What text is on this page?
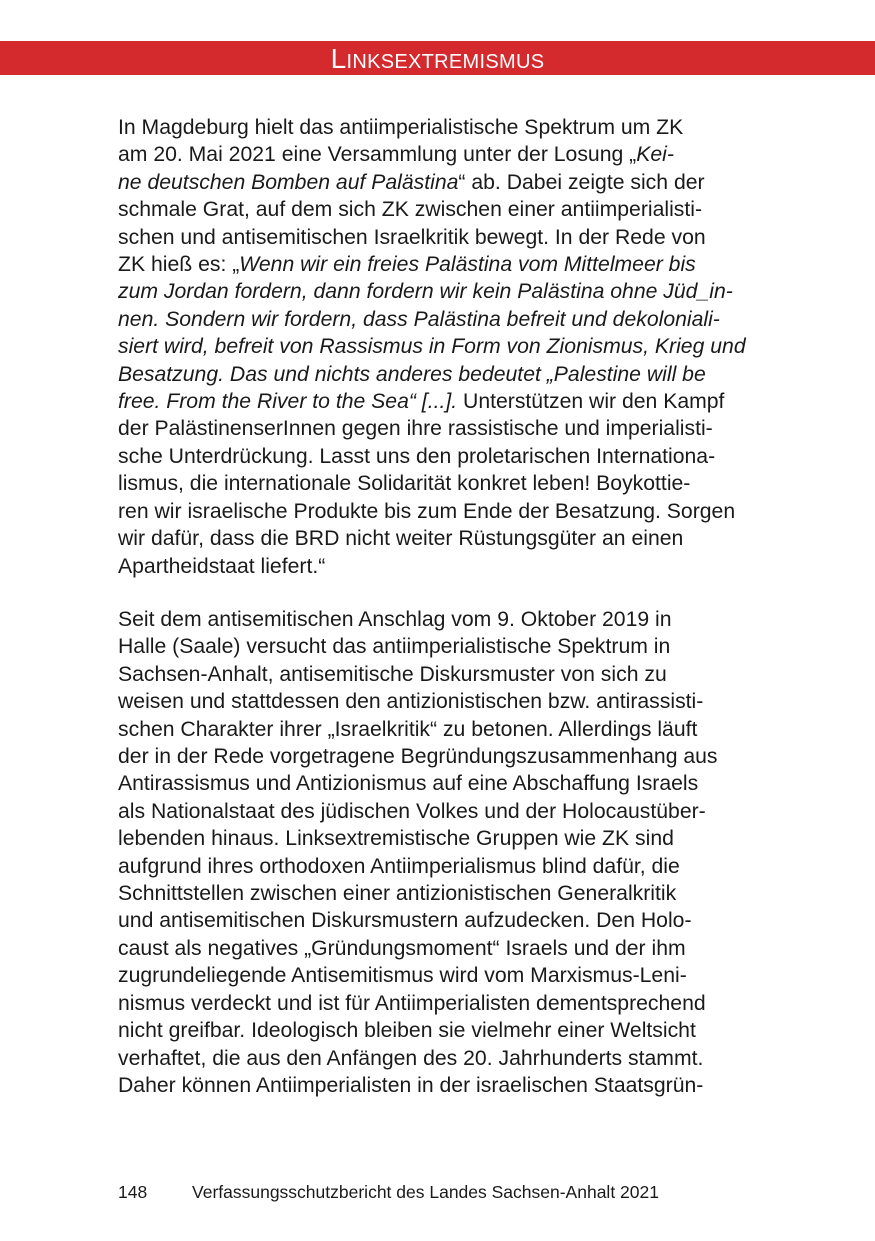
Linksextremismus
In Magdeburg hielt das antiimperialistische Spektrum um ZK
am 20. Mai 2021 eine Versammlung unter der Losung „Kei-
ne deutschen Bomben auf Palästina“ ab. Dabei zeigte sich der
schmale Grat, auf dem sich ZK zwischen einer antiimperialisti-
schen und antisemitischen Israelkritik bewegt. In der Rede von
ZK hieß es: „Wenn wir ein freies Palästina vom Mittelmeer bis
zum Jordan fordern, dann fordern wir kein Palästina ohne Jüd_in-
nen. Sondern wir fordern, dass Palästina befreit und dekoloniali-
siert wird, befreit von Rassismus in Form von Zionismus, Krieg und
Besatzung. Das und nichts anderes bedeutet „Palestine will be
free. From the River to the Sea“ [...]. Unterstützen wir den Kampf
der PalästinenserInnen gegen ihre rassistische und imperialisti-
sche Unterdrückung. Lasst uns den proletarischen Internationa-
lismus, die internationale Solidarität konkret leben! Boykottie-
ren wir israelische Produkte bis zum Ende der Besatzung. Sorgen
wir dafür, dass die BRD nicht weiter Rüstungsgüter an einen
Apartheidstaat liefert.“
Seit dem antisemitischen Anschlag vom 9. Oktober 2019 in
Halle (Saale) versucht das antiimperialistische Spektrum in
Sachsen-Anhalt, antisemitische Diskursmuster von sich zu
weisen und stattdessen den antizionistischen bzw. antirassisti-
schen Charakter ihrer „Israelkritik“ zu betonen. Allerdings läuft
der in der Rede vorgetragene Begründungszusammenhang aus
Antirassismus und Antizionismus auf eine Abschaffung Israels
als Nationalstaat des jüdischen Volkes und der Holocaustüber-
lebenden hinaus. Linksextremistische Gruppen wie ZK sind
aufgrund ihres orthodoxen Antiimperialismus blind dafür, die
Schnittstellen zwischen einer antizionistischen Generalkritik
und antisemitischen Diskursmustern aufzudecken. Den Holo-
caust als negatives „Gründungsmoment“ Israels und der ihm
zugrundeliegende Antisemitismus wird vom Marxismus-Leni-
nismus verdeckt und ist für Antiimperialisten dementsprechend
nicht greifbar. Ideologisch bleiben sie vielmehr einer Weltsicht
verhaftet, die aus den Anfängen des 20. Jahrhunderts stammt.
Daher können Antiimperialisten in der israelischen Staatsgrün-
148	Verfassungsschutzbericht des Landes Sachsen-Anhalt 2021
